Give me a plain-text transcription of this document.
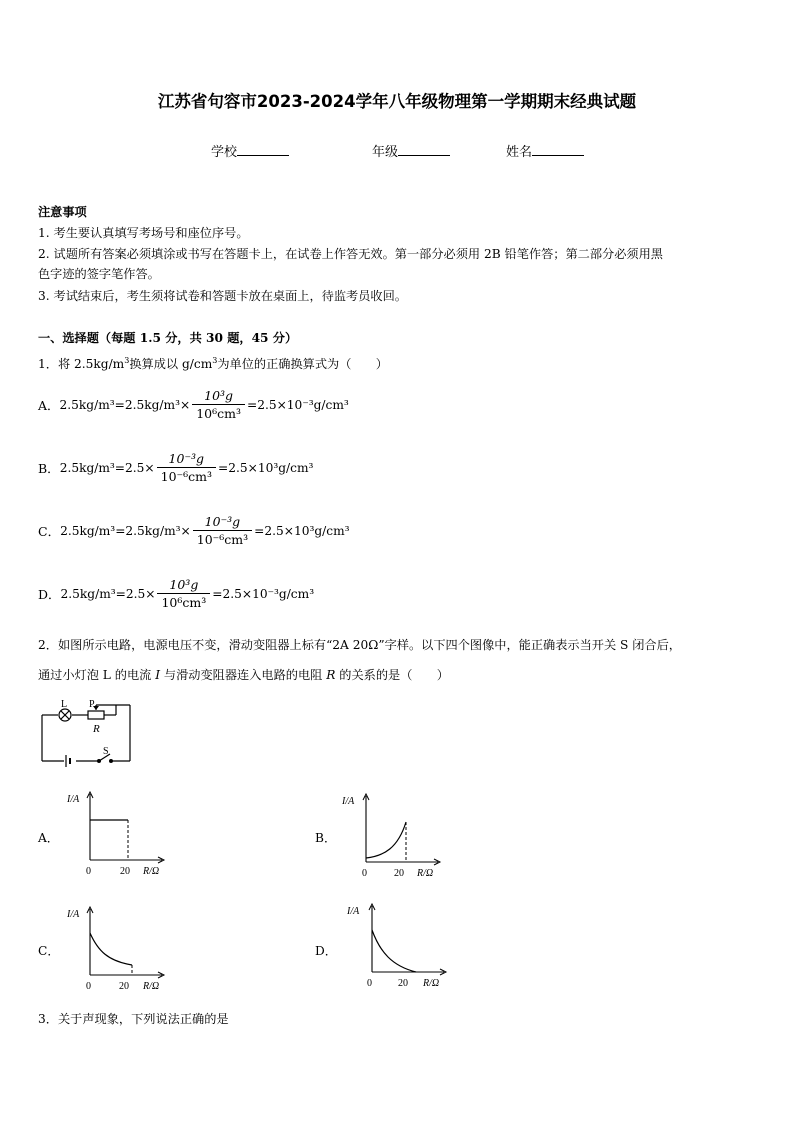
江苏省句容市2023-2024学年八年级物理第一学期期末经典试题
学校	年级	姓名
注意事项
1. 考生要认真填写考场号和座位序号。
2. 试题所有答案必须填涂或书写在答题卡上，在试卷上作答无效。第一部分必须用 2B 铅笔作答；第二部分必须用黑
色字迹的签字笔作答。
3. 考试结束后，考生须将试卷和答题卡放在桌面上，待监考员收回。
一、选择题（每题 1.5 分，共 30 题，45 分）
1．将 $2.5kg/m^3$换算成以 $g/cm^3$为单位的正确换算式为（　　）
A． $2.5kg/m^3=2.5kg/m^3\times \frac{\text{10³g}}{\text{10⁶cm³}} =2.5\times 10^{-3}g/cm^3$
B． $2.5kg/m^3=2.5\times \frac{\text{10⁻³g}}{\text{10⁻⁶cm³}} =2.5\times 10^3g/cm^3$
C． $2.5kg/m^3=2.5kg/m^3\times \frac{\text{10⁻³g}}{\text{10⁻⁶cm³}} =2.5\times 10^3g/cm^3$
D． $2.5kg/m^3=2.5\times \frac{\text{10³g}}{\text{10⁶cm³}} =2.5\times 10^{-3}g/cm^3$
2．如图所示电路，电源电压不变，滑动变阻器上标有“2A 20Ω”字样。以下四个图像中，能正确表示当开关 S 闭合后，
通过小灯泡 L 的电流 I 与滑动变阻器连入电路的电阻 R 的关系的是（　　）
L P
R
S
A．
I/A
0	20 R/Ω
B．
I/A
0	20 R/Ω
C．
I/A
0	20 R/Ω
D．
I/A
0	20 R/Ω
3．关于声现象，下列说法正确的是
